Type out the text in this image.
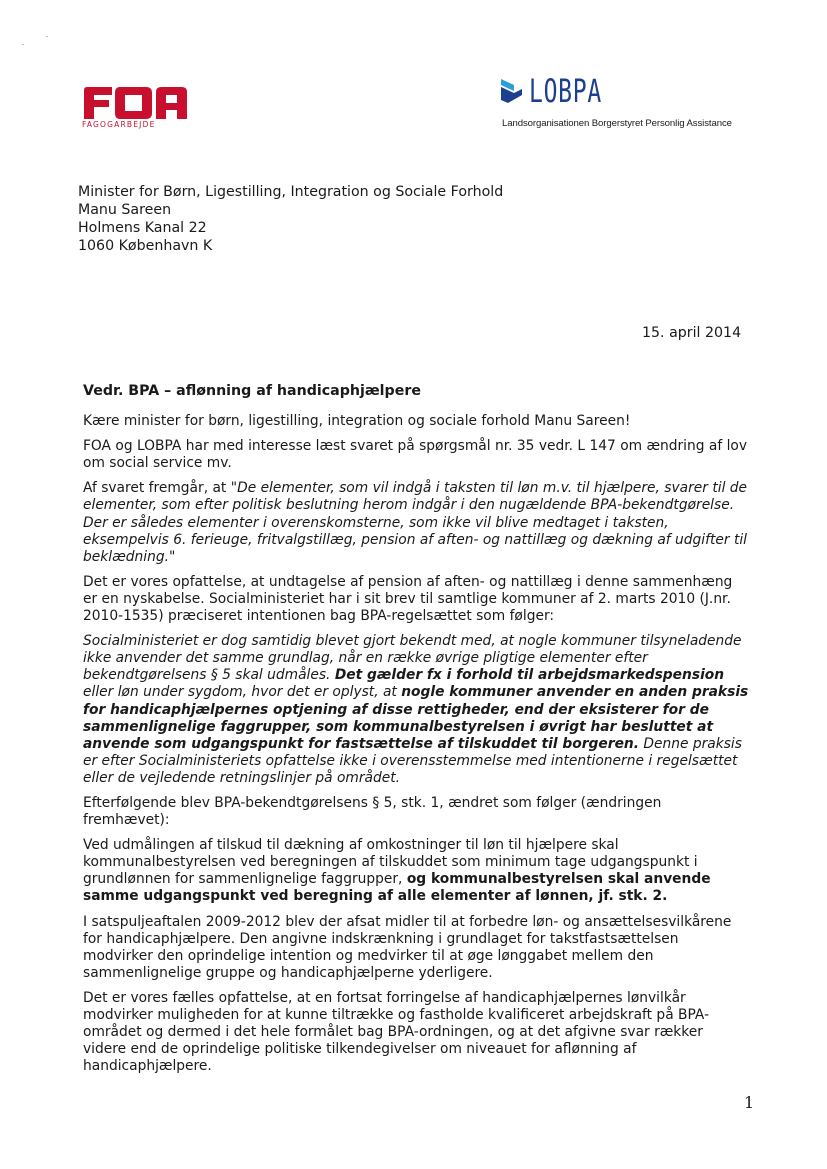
FAGOGARBEJDE
LOBPA
Landsorganisationen Borgerstyret Personlig Assistance
Minister for Børn, Ligestilling, Integration og Sociale Forhold
Manu Sareen
Holmens Kanal 22
1060 København K
15. april 2014

Vedr. BPA – aflønning af handicaphjælpere

Kære minister for børn, ligestilling, integration og sociale forhold Manu Sareen!

FOA og LOBPA har med interesse læst svaret på spørgsmål nr. 35 vedr. L 147 om ændring af lov om social service mv.

Af svaret fremgår, at "De elementer, som vil indgå i taksten til løn m.v. til hjælpere, svarer til de elementer, som efter politisk beslutning herom indgår i den nugældende BPA-bekendtgørelse. Der er således elementer i overenskomsterne, som ikke vil blive medtaget i taksten, eksempelvis 6. ferieuge, fritvalgstillæg, pension af aften- og nattillæg og dækning af udgifter til beklædning."

Det er vores opfattelse, at undtagelse af pension af aften- og nattillæg i denne sammenhæng er en nyskabelse. Socialministeriet har i sit brev til samtlige kommuner af 2. marts 2010 (J.nr. 2010-1535) præciseret intentionen bag BPA-regelsættet som følger:

Socialministeriet er dog samtidig blevet gjort bekendt med, at nogle kommuner tilsyneladende ikke anvender det samme grundlag, når en række øvrige pligtige elementer efter bekendtgørelsens § 5 skal udmåles. Det gælder fx i forhold til arbejdsmarkedspension eller løn under sygdom, hvor det er oplyst, at nogle kommuner anvender en anden praksis for handicaphjælpernes optjening af disse rettigheder, end der eksisterer for de sammenlignelige faggrupper, som kommunalbestyrelsen i øvrigt har besluttet at anvende som udgangspunkt for fastsættelse af tilskuddet til borgeren. Denne praksis er efter Socialministeriets opfattelse ikke i overensstemmelse med intentionerne i regelsættet eller de vejledende retningslinjer på området.

Efterfølgende blev BPA-bekendtgørelsens § 5, stk. 1, ændret som følger (ændringen fremhævet):

Ved udmålingen af tilskud til dækning af omkostninger til løn til hjælpere skal kommunalbestyrelsen ved beregningen af tilskuddet som minimum tage udgangspunkt i grundlønnen for sammenlignelige faggrupper, og kommunalbestyrelsen skal anvende samme udgangspunkt ved beregning af alle elementer af lønnen, jf. stk. 2.

I satspuljeaftalen 2009-2012 blev der afsat midler til at forbedre løn- og ansættelsesvilkårene for handicaphjælpere. Den angivne indskrænkning i grundlaget for takstfastsættelsen modvirker den oprindelige intention og medvirker til at øge lønggabet mellem den sammenlignelige gruppe og handicaphjælperne yderligere.

Det er vores fælles opfattelse, at en fortsat forringelse af handicaphjælpernes lønvilkår modvirker muligheden for at kunne tiltrække og fastholde kvalificeret arbejdskraft på BPA-området og dermed i det hele formålet bag BPA-ordningen, og at det afgivne svar rækker videre end de oprindelige politiske tilkendegivelser om niveauet for aflønning af handicaphjælpere.

1
